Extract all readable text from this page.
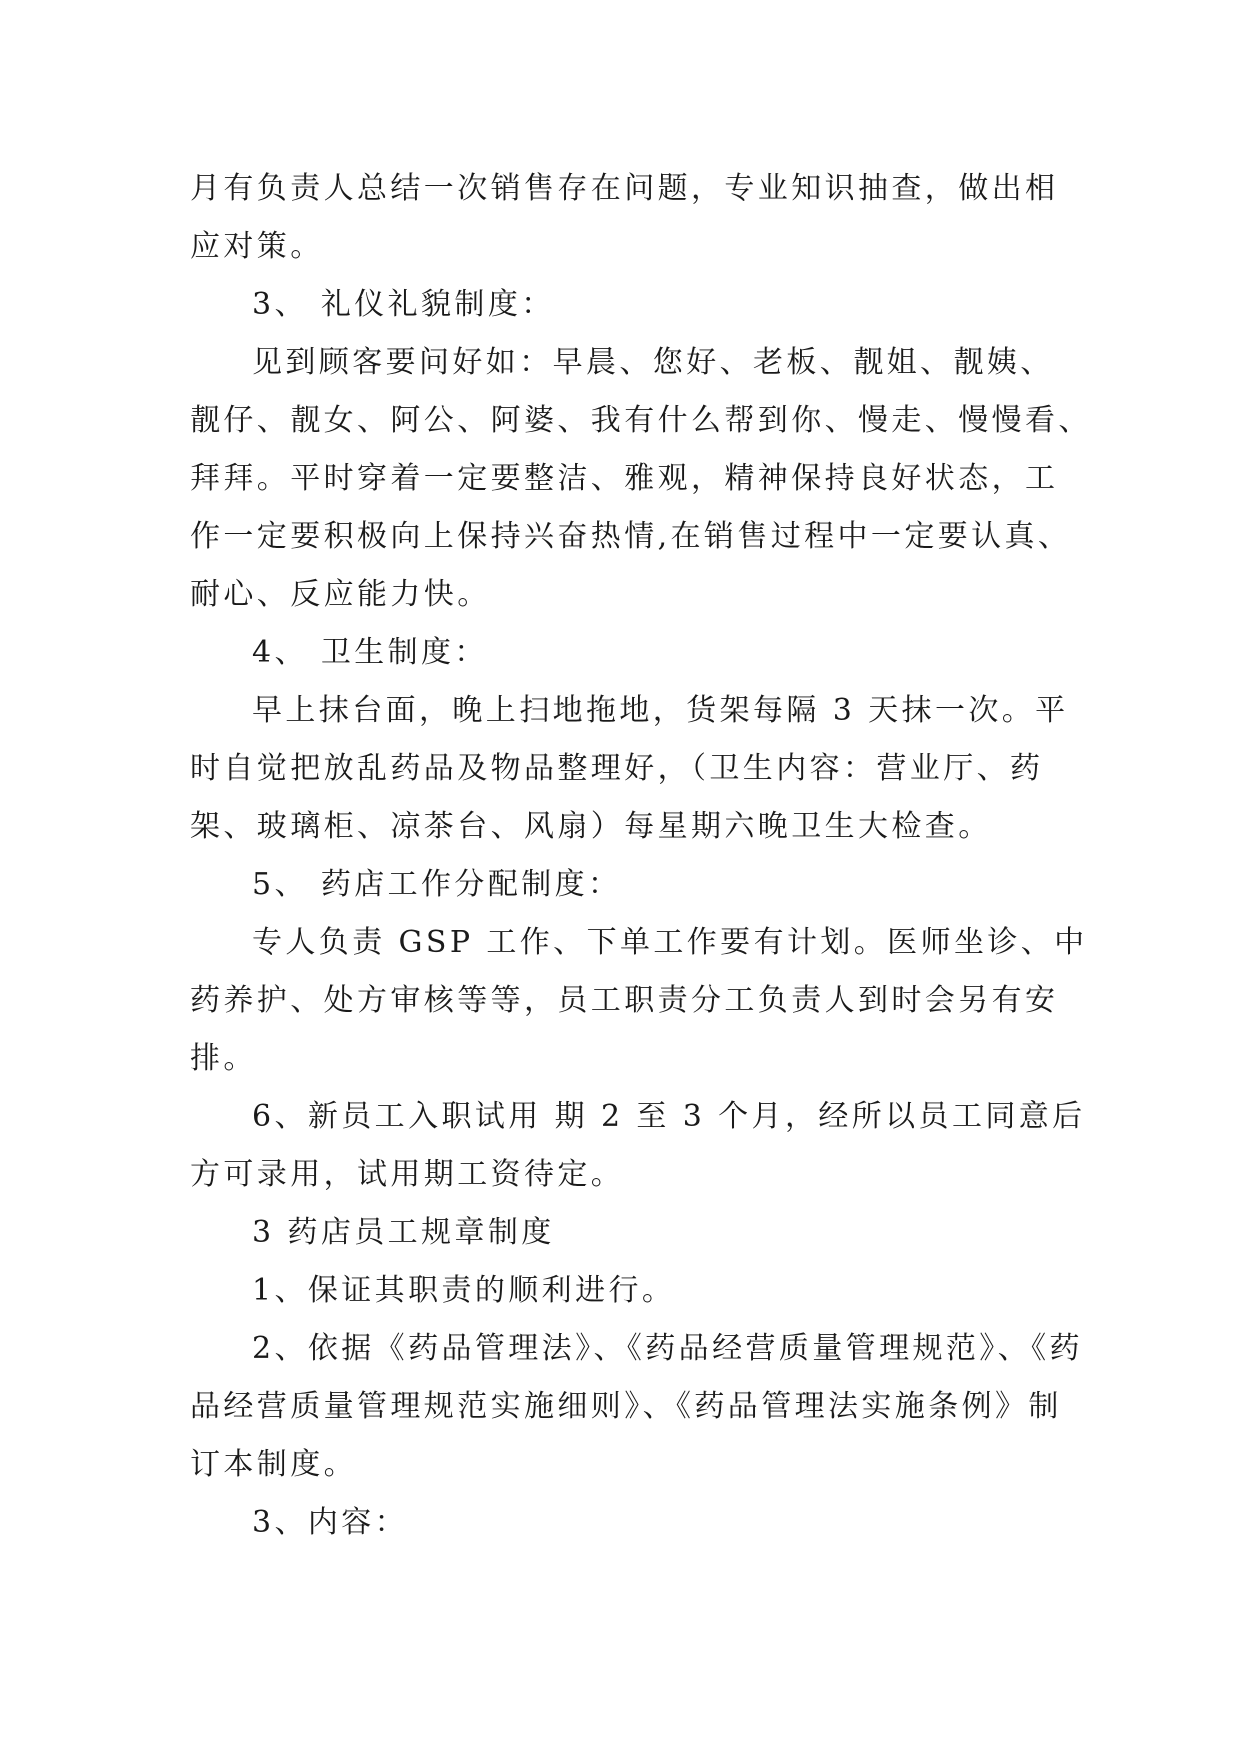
月有负责人总结一次销售存在问题，专业知识抽查，做出相
应对策。
3、 礼仪礼貌制度：
见到顾客要问好如：早晨、您好、老板、靓姐、靓姨、
靓仔、靓女、阿公、阿婆、我有什么帮到你、慢走、慢慢看、
拜拜。平时穿着一定要整洁、雅观，精神保持良好状态，工
作一定要积极向上保持兴奋热情,在销售过程中一定要认真、
耐心、反应能力快。
4、 卫生制度：
早上抹台面，晚上扫地拖地，货架每隔 3 天抹一次。平
时自觉把放乱药品及物品整理好，（卫生内容：营业厅、药
架、玻璃柜、凉茶台、风扇）每星期六晚卫生大检查。
5、 药店工作分配制度：
专人负责 GSP 工作、下单工作要有计划。医师坐诊、中
药养护、处方审核等等，员工职责分工负责人到时会另有安
排。
6、新员工入职试用 期 2 至 3 个月，经所以员工同意后
方可录用，试用期工资待定。
3 药店员工规章制度
1、保证其职责的顺利进行。
2、依据《药品管理法》、《药品经营质量管理规范》、《药
品经营质量管理规范实施细则》、《药品管理法实施条例》制
订本制度。
3、内容：
